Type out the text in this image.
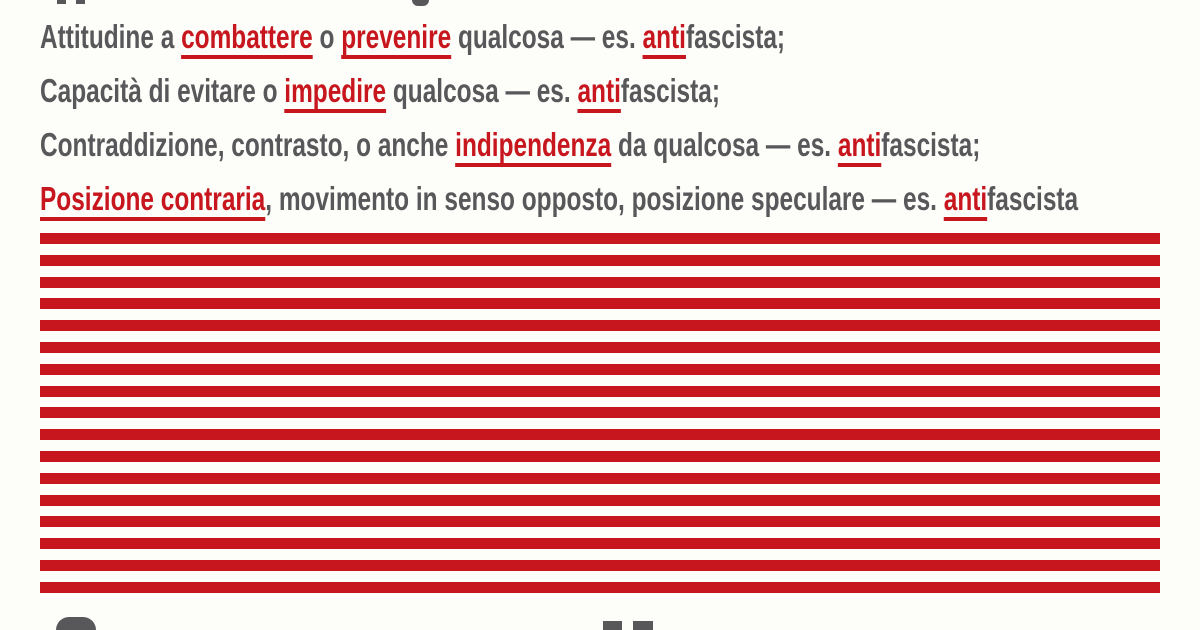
Attitudine a combattere o prevenire qualcosa — es. antifascista;
Capacità di evitare o impedire qualcosa — es. antifascista;
Contraddizione, contrasto, o anche indipendenza da qualcosa — es. antifascista;
Posizione contraria, movimento in senso opposto, posizione speculare — es. antifascista
